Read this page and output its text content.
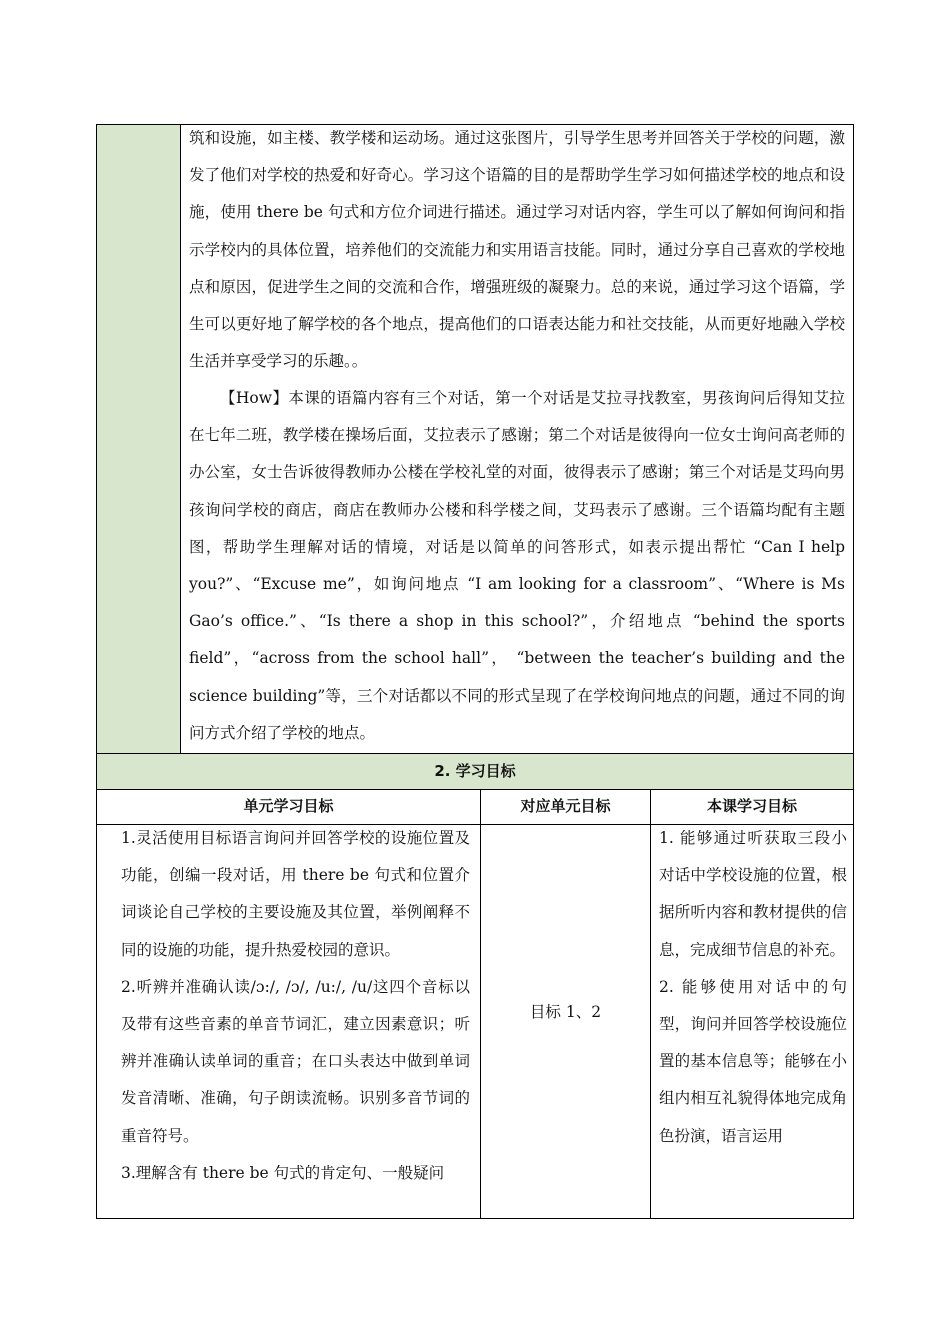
筑和设施，如主楼、教学楼和运动场。通过这张图片，引导学生思考并回答关于学校的问题，激发了他们对学校的热爱和好奇心。学习这个语篇的目的是帮助学生学习如何描述学校的地点和设施，使用 there be 句式和方位介词进行描述。通过学习对话内容，学生可以了解如何询问和指示学校内的具体位置，培养他们的交流能力和实用语言技能。同时，通过分享自己喜欢的学校地点和原因，促进学生之间的交流和合作，增强班级的凝聚力。总的来说，通过学习这个语篇，学生可以更好地了解学校的各个地点，提高他们的口语表达能力和社交技能，从而更好地融入学校生活并享受学习的乐趣。。

【How】本课的语篇内容有三个对话，第一个对话是艾拉寻找教室，男孩询问后得知艾拉在七年二班，教学楼在操场后面，艾拉表示了感谢；第二个对话是彼得向一位女士询问高老师的办公室，女士告诉彼得教师办公楼在学校礼堂的对面，彼得表示了感谢；第三个对话是艾玛向男孩询问学校的商店，商店在教师办公楼和科学楼之间，艾玛表示了感谢。三个语篇均配有主题图，帮助学生理解对话的情境，对话是以简单的问答形式，如表示提出帮忙 “Can I help you?”、“Excuse me”，如询问地点 “I am looking for a classroom”、“Where is Ms Gao’s office.”、“Is there a shop in this school?”，介绍地点 “behind the sports field”，“across from the school hall”， “between the teacher’s building and the science building”等，三个对话都以不同的形式呈现了在学校询问地点的问题，通过不同的询问方式介绍了学校的地点。

2. 学习目标
单元学习目标	对应单元目标	本课学习目标

1.灵活使用目标语言询问并回答学校的设施位置及功能，创编一段对话，用 there be 句式和位置介词谈论自己学校的主要设施及其位置，举例阐释不同的设施的功能，提升热爱校园的意识。

2.听辨并准确认读/ɔ:/, /ɔ/, /u:/, /u/这四个音标以及带有这些音素的单音节词汇，建立因素意识；听辨并准确认读单词的重音；在口头表达中做到单词发音清晰、准确，句子朗读流畅。识别多音节词的重音符号。

3.理解含有 there be 句式的肯定句、一般疑问

目标 1、2

1. 能够通过听获取三段小对话中学校设施的位置，根据所听内容和教材提供的信息，完成细节信息的补充。

2. 能够使用对话中的句型，询问并回答学校设施位置的基本信息等；能够在小组内相互礼貌得体地完成角色扮演，语言运用
